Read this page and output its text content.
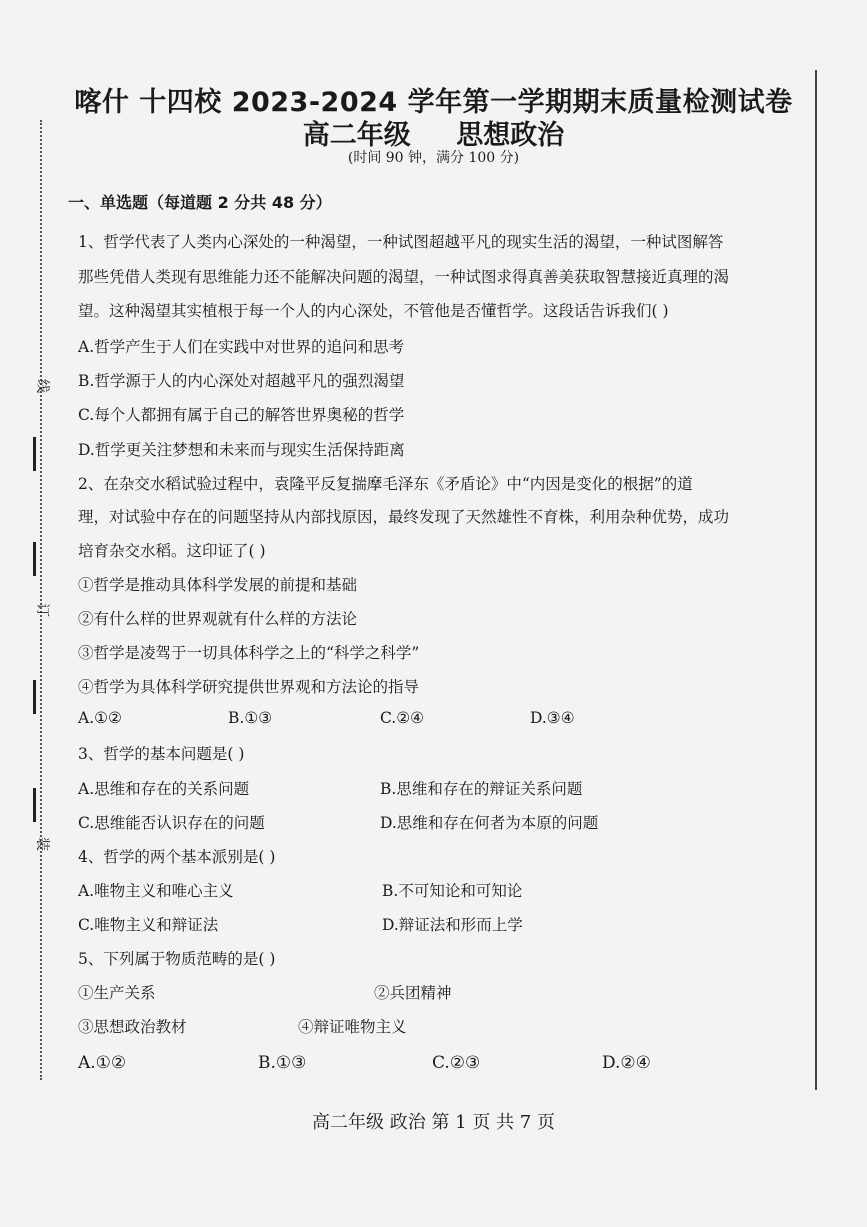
线
订
装
喀什 十四校 2023-2024 学年第一学期期末质量检测试卷
高二年级 思想政治
(时间 90 钟，满分 100 分)
一、单选题（每道题 2 分共 48 分）
1、哲学代表了人类内心深处的一种渴望，一种试图超越平凡的现实生活的渴望，一种试图解答
那些凭借人类现有思维能力还不能解决问题的渴望，一种试图求得真善美获取智慧接近真理的渴
望。这种渴望其实植根于每一个人的内心深处，不管他是否懂哲学。这段话告诉我们( )
A.哲学产生于人们在实践中对世界的追问和思考
B.哲学源于人的内心深处对超越平凡的强烈渴望
C.每个人都拥有属于自己的解答世界奥秘的哲学
D.哲学更关注梦想和未来而与现实生活保持距离
2、在杂交水稻试验过程中，袁隆平反复揣摩毛泽东《矛盾论》中“内因是变化的根据”的道
理，对试验中存在的问题坚持从内部找原因，最终发现了天然雄性不育株，利用杂种优势，成功
培育杂交水稻。这印证了( )
①哲学是推动具体科学发展的前提和基础
②有什么样的世界观就有什么样的方法论
③哲学是凌驾于一切具体科学之上的“科学之科学”
④哲学为具体科学研究提供世界观和方法论的指导
A.①②	B.①③	C.②④	D.③④
3、哲学的基本问题是( )
A.思维和存在的关系问题	B.思维和存在的辩证关系问题
C.思维能否认识存在的问题	D.思维和存在何者为本原的问题
4、哲学的两个基本派别是( )
A.唯物主义和唯心主义	B.不可知论和可知论
C.唯物主义和辩证法	D.辩证法和形而上学
5、下列属于物质范畴的是( )
①生产关系	②兵团精神
③思想政治教材	④辩证唯物主义
A.①②	B.①③	C.②③	D.②④
高二年级 政治 第 1 页 共 7 页
